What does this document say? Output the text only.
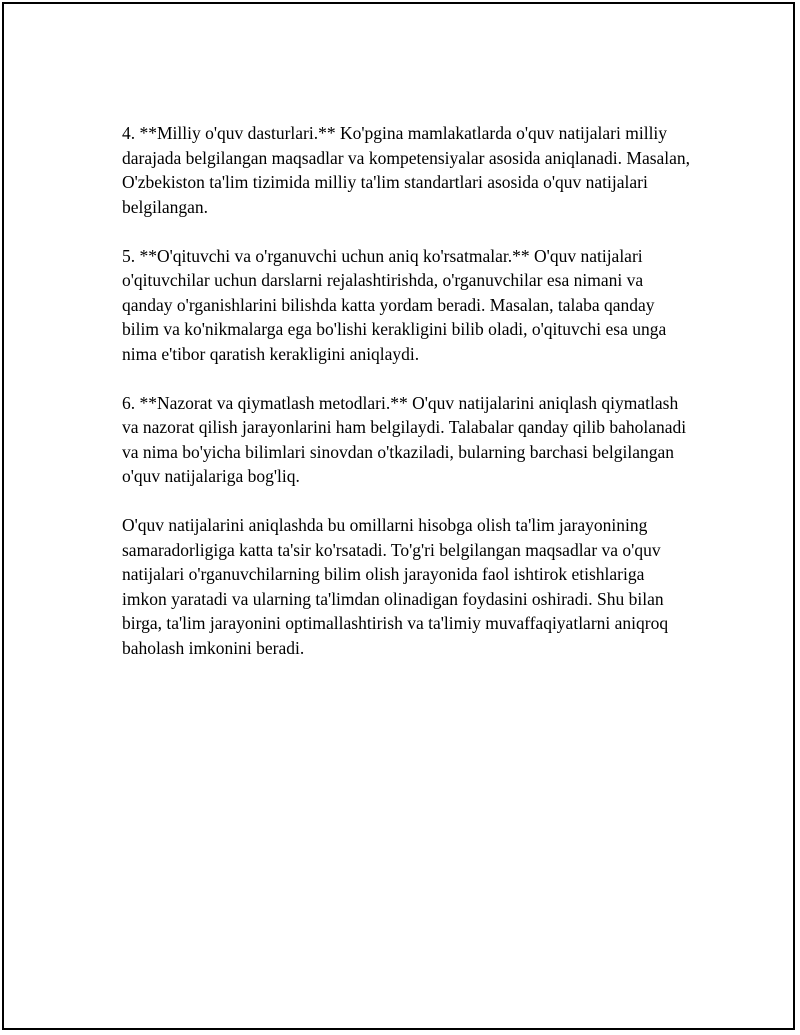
4. **Milliy o'quv dasturlari.** Ko'pgina mamlakatlarda o'quv natijalari milliy darajada belgilangan maqsadlar va kompetensiyalar asosida aniqlanadi. Masalan, O'zbekiston ta'lim tizimida milliy ta'lim standartlari asosida o'quv natijalari belgilangan.

5. **O'qituvchi va o'rganuvchi uchun aniq ko'rsatmalar.** O'quv natijalari o'qituvchilar uchun darslarni rejalashtirishda, o'rganuvchilar esa nimani va qanday o'rganishlarini bilishda katta yordam beradi. Masalan, talaba qanday bilim va ko'nikmalarga ega bo'lishi kerakligini bilib oladi, o'qituvchi esa unga nima e'tibor qaratish kerakligini aniqlaydi.

6. **Nazorat va qiymatlash metodlari.** O'quv natijalarini aniqlash qiymatlash va nazorat qilish jarayonlarini ham belgilaydi. Talabalar qanday qilib baholanadi va nima bo'yicha bilimlari sinovdan o'tkaziladi, bularning barchasi belgilangan o'quv natijalariga bog'liq.

O'quv natijalarini aniqlashda bu omillarni hisobga olish ta'lim jarayonining samaradorligiga katta ta'sir ko'rsatadi. To'g'ri belgilangan maqsadlar va o'quv natijalari o'rganuvchilarning bilim olish jarayonida faol ishtirok etishlariga imkon yaratadi va ularning ta'limdan olinadigan foydasini oshiradi. Shu bilan birga, ta'lim jarayonini optimallashtirish va ta'limiy muvaffaqiyatlarni aniqroq baholash imkonini beradi.
